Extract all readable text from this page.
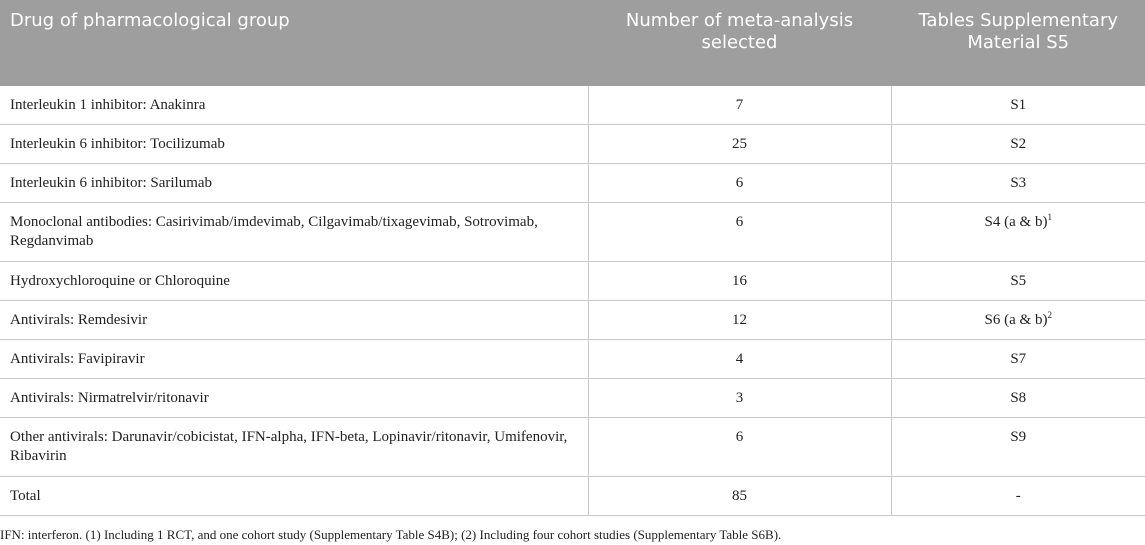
Drug of pharmacological group	Number of meta-analysis selected	Tables Supplementary Material S5
Interleukin 1 inhibitor: Anakinra	7	S1
Interleukin 6 inhibitor: Tocilizumab	25	S2
Interleukin 6 inhibitor: Sarilumab	6	S3
Monoclonal antibodies: Casirivimab/imdevimab, Cilgavimab/tixagevimab, Sotrovimab, Regdanvimab	6	S4 (a & b)$^1$
Hydroxychloroquine or Chloroquine	16	S5
Antivirals: Remdesivir	12	S6 (a & b)$^2$
Antivirals: Favipiravir	4	S7
Antivirals: Nirmatrelvir/ritonavir	3	S8
Other antivirals: Darunavir/cobicistat, IFN-alpha, IFN-beta, Lopinavir/ritonavir, Umifenovir, Ribavirin	6	S9
Total	85	-
IFN: interferon. (1) Including 1 RCT, and one cohort study (Supplementary Table S4B); (2) Including four cohort studies (Supplementary Table S6B).
